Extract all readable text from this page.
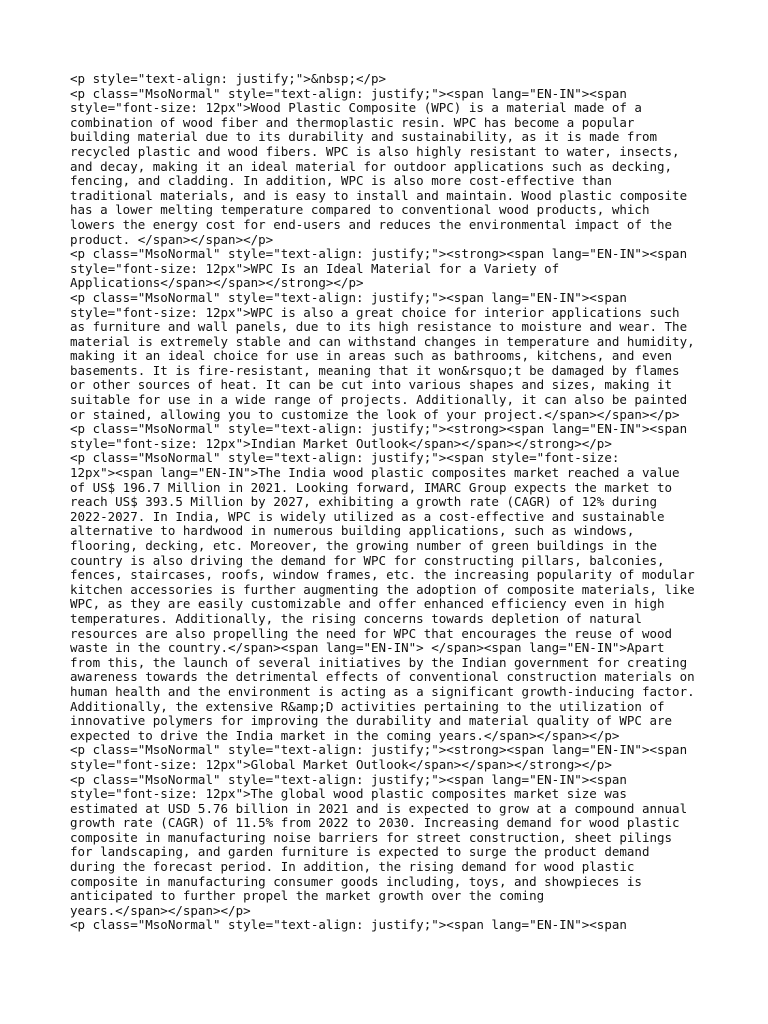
<p style="text-align: justify;">&nbsp;</p>
<p class="MsoNormal" style="text-align: justify;"><span lang="EN-IN"><span
style="font-size: 12px">Wood Plastic Composite (WPC) is a material made of a
combination of wood fiber and thermoplastic resin. WPC has become a popular
building material due to its durability and sustainability, as it is made from
recycled plastic and wood fibers. WPC is also highly resistant to water, insects,
and decay, making it an ideal material for outdoor applications such as decking,
fencing, and cladding. In addition, WPC is also more cost-effective than
traditional materials, and is easy to install and maintain. Wood plastic composite
has a lower melting temperature compared to conventional wood products, which
lowers the energy cost for end-users and reduces the environmental impact of the
product. </span></span></p>
<p class="MsoNormal" style="text-align: justify;"><strong><span lang="EN-IN"><span
style="font-size: 12px">WPC Is an Ideal Material for a Variety of
Applications</span></span></strong></p>
<p class="MsoNormal" style="text-align: justify;"><span lang="EN-IN"><span
style="font-size: 12px">WPC is also a great choice for interior applications such
as furniture and wall panels, due to its high resistance to moisture and wear. The
material is extremely stable and can withstand changes in temperature and humidity,
making it an ideal choice for use in areas such as bathrooms, kitchens, and even
basements. It is fire-resistant, meaning that it won&rsquo;t be damaged by flames
or other sources of heat. It can be cut into various shapes and sizes, making it
suitable for use in a wide range of projects. Additionally, it can also be painted
or stained, allowing you to customize the look of your project.</span></span></p>
<p class="MsoNormal" style="text-align: justify;"><strong><span lang="EN-IN"><span
style="font-size: 12px">Indian Market Outlook</span></span></strong></p>
<p class="MsoNormal" style="text-align: justify;"><span style="font-size:
12px"><span lang="EN-IN">The India wood plastic composites market reached a value
of US$ 196.7 Million in 2021. Looking forward, IMARC Group expects the market to
reach US$ 393.5 Million by 2027, exhibiting a growth rate (CAGR) of 12% during
2022-2027. In India, WPC is widely utilized as a cost-effective and sustainable
alternative to hardwood in numerous building applications, such as windows,
flooring, decking, etc. Moreover, the growing number of green buildings in the
country is also driving the demand for WPC for constructing pillars, balconies,
fences, staircases, roofs, window frames, etc. the increasing popularity of modular
kitchen accessories is further augmenting the adoption of composite materials, like
WPC, as they are easily customizable and offer enhanced efficiency even in high
temperatures. Additionally, the rising concerns towards depletion of natural
resources are also propelling the need for WPC that encourages the reuse of wood
waste in the country.</span><span lang="EN-IN"> </span><span lang="EN-IN">Apart
from this, the launch of several initiatives by the Indian government for creating
awareness towards the detrimental effects of conventional construction materials on
human health and the environment is acting as a significant growth-inducing factor.
Additionally, the extensive R&amp;D activities pertaining to the utilization of
innovative polymers for improving the durability and material quality of WPC are
expected to drive the India market in the coming years.</span></span></p>
<p class="MsoNormal" style="text-align: justify;"><strong><span lang="EN-IN"><span
style="font-size: 12px">Global Market Outlook</span></span></strong></p>
<p class="MsoNormal" style="text-align: justify;"><span lang="EN-IN"><span
style="font-size: 12px">The global wood plastic composites market size was
estimated at USD 5.76 billion in 2021 and is expected to grow at a compound annual
growth rate (CAGR) of 11.5% from 2022 to 2030. Increasing demand for wood plastic
composite in manufacturing noise barriers for street construction, sheet pilings
for landscaping, and garden furniture is expected to surge the product demand
during the forecast period. In addition, the rising demand for wood plastic
composite in manufacturing consumer goods including, toys, and showpieces is
anticipated to further propel the market growth over the coming
years.</span></span></p>
<p class="MsoNormal" style="text-align: justify;"><span lang="EN-IN"><span
